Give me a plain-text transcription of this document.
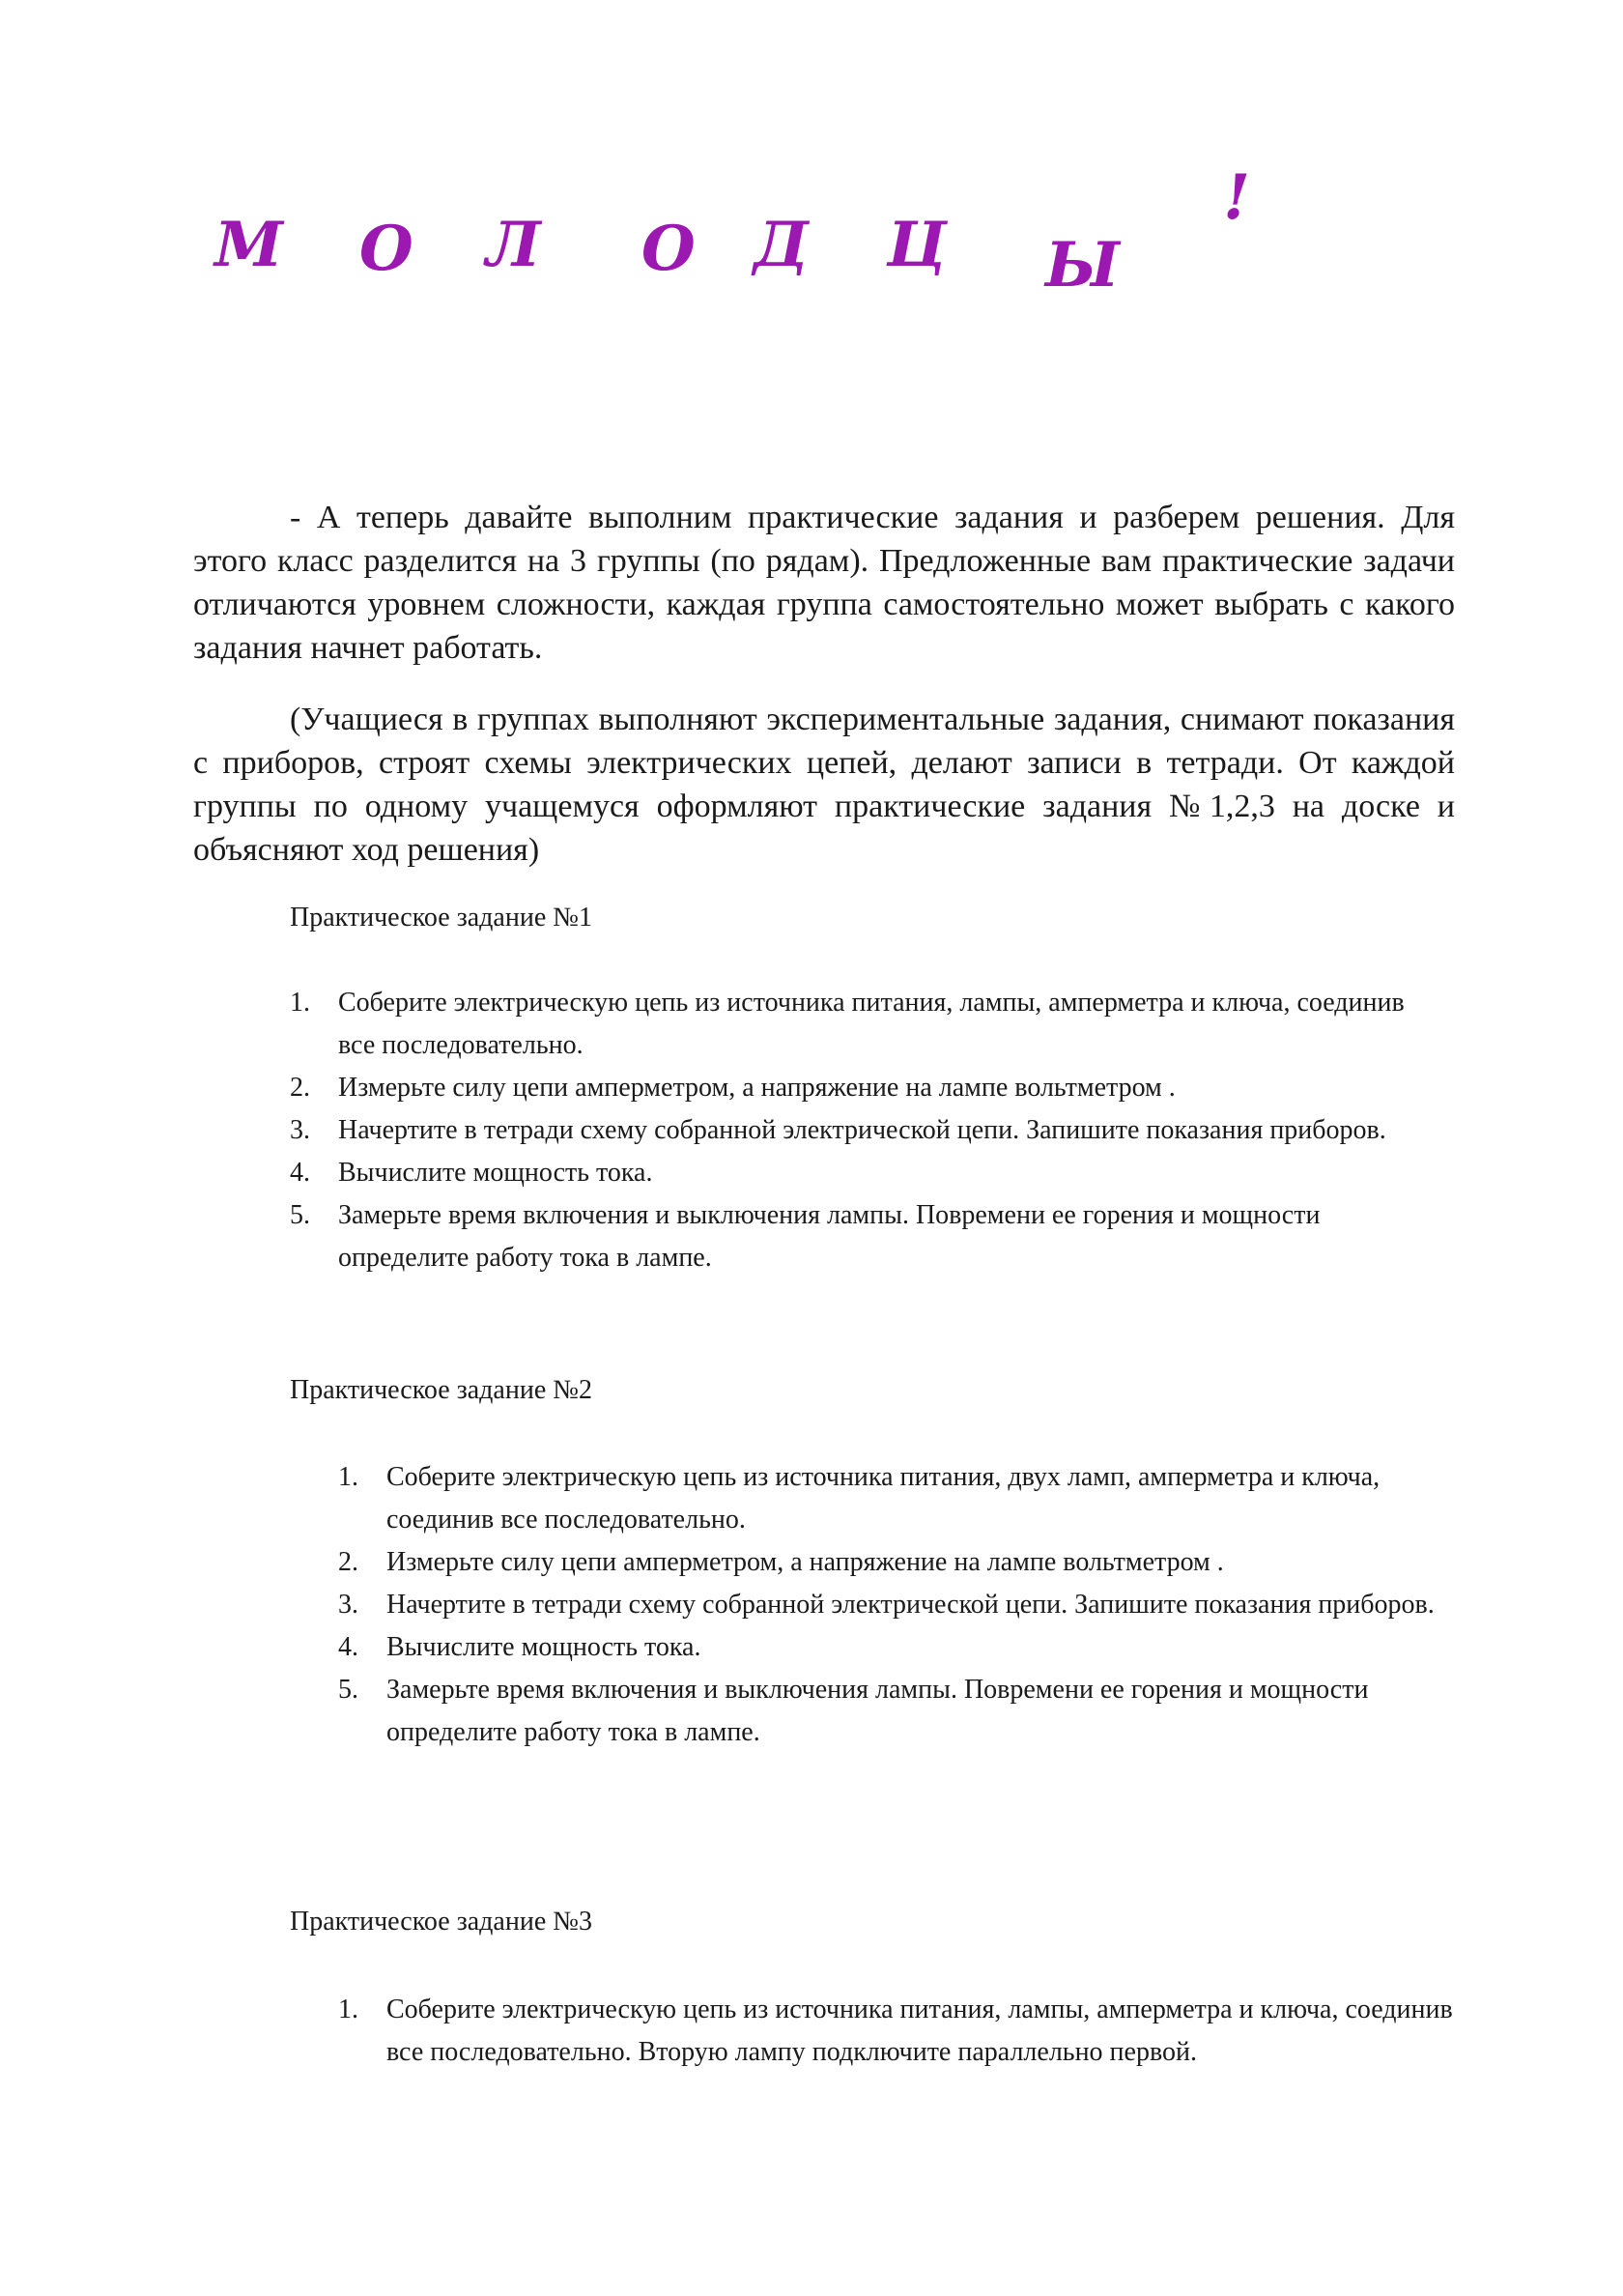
М О Л О Д Ц Ы
!

- А теперь давайте выполним практические задания и разберем решения. Для этого класс разделится на 3 группы (по рядам). Предложенные вам практические задачи отличаются уровнем сложности, каждая группа самостоятельно может выбрать с какого задания начнет работать.

(Учащиеся в группах выполняют экспериментальные задания, снимают показания с приборов, строят схемы электрических цепей, делают записи в тетради. От каждой группы по одному учащемуся оформляют практические задания №1,2,3 на доске и объясняют ход решения)

Практическое задание №1

1. Соберите электрическую цепь из источника питания, лампы, амперметра и ключа, соединив все последовательно.
2. Измерьте силу цепи амперметром, а напряжение на лампе вольтметром .
3. Начертите в тетради схему собранной электрической цепи. Запишите показания приборов.
4. Вычислите мощность тока.
5. Замерьте время включения и выключения лампы. Повремени ее горения и мощности определите работу тока в лампе.

Практическое задание №2

1. Соберите электрическую цепь из источника питания, двух ламп, амперметра и ключа, соединив все последовательно.
2. Измерьте силу цепи амперметром, а напряжение на лампе вольтметром .
3. Начертите в тетради схему собранной электрической цепи. Запишите показания приборов.
4. Вычислите мощность тока.
5. Замерьте время включения и выключения лампы. Повремени ее горения и мощности определите работу тока в лампе.

Практическое задание №3

1. Соберите электрическую цепь из источника питания, лампы, амперметра и ключа, соединив все последовательно. Вторую лампу подключите параллельно первой.
